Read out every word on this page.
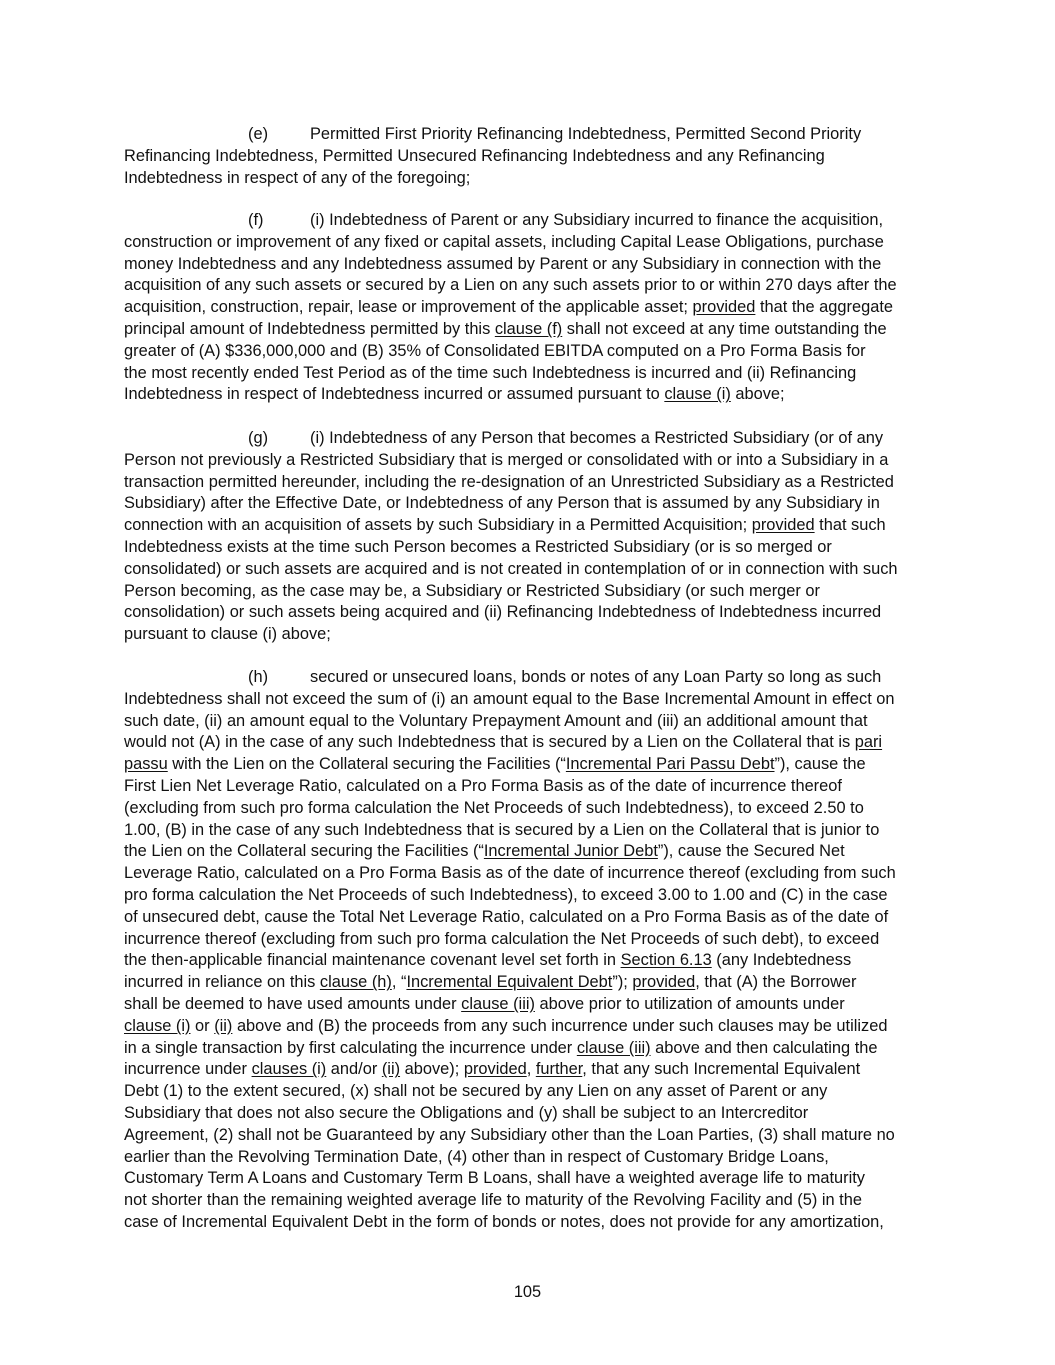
(e)	Permitted First Priority Refinancing Indebtedness, Permitted Second Priority
Refinancing Indebtedness, Permitted Unsecured Refinancing Indebtedness and any Refinancing
Indebtedness in respect of any of the foregoing;
(f)	(i) Indebtedness of Parent or any Subsidiary incurred to finance the acquisition,
construction or improvement of any fixed or capital assets, including Capital Lease Obligations, purchase
money Indebtedness and any Indebtedness assumed by Parent or any Subsidiary in connection with the
acquisition of any such assets or secured by a Lien on any such assets prior to or within 270 days after the
acquisition, construction, repair, lease or improvement of the applicable asset; provided that the aggregate
principal amount of Indebtedness permitted by this clause (f) shall not exceed at any time outstanding the
greater of (A) $336,000,000 and (B) 35% of Consolidated EBITDA computed on a Pro Forma Basis for
the most recently ended Test Period as of the time such Indebtedness is incurred and (ii) Refinancing
Indebtedness in respect of Indebtedness incurred or assumed pursuant to clause (i) above;
(g)	(i) Indebtedness of any Person that becomes a Restricted Subsidiary (or of any
Person not previously a Restricted Subsidiary that is merged or consolidated with or into a Subsidiary in a
transaction permitted hereunder, including the re-designation of an Unrestricted Subsidiary as a Restricted
Subsidiary) after the Effective Date, or Indebtedness of any Person that is assumed by any Subsidiary in
connection with an acquisition of assets by such Subsidiary in a Permitted Acquisition; provided that such
Indebtedness exists at the time such Person becomes a Restricted Subsidiary (or is so merged or
consolidated) or such assets are acquired and is not created in contemplation of or in connection with such
Person becoming, as the case may be, a Subsidiary or Restricted Subsidiary (or such merger or
consolidation) or such assets being acquired and (ii) Refinancing Indebtedness of Indebtedness incurred
pursuant to clause (i) above;
(h)	secured or unsecured loans, bonds or notes of any Loan Party so long as such
Indebtedness shall not exceed the sum of (i) an amount equal to the Base Incremental Amount in effect on
such date, (ii) an amount equal to the Voluntary Prepayment Amount and (iii) an additional amount that
would not (A) in the case of any such Indebtedness that is secured by a Lien on the Collateral that is pari
passu with the Lien on the Collateral securing the Facilities (“Incremental Pari Passu Debt”), cause the
First Lien Net Leverage Ratio, calculated on a Pro Forma Basis as of the date of incurrence thereof
(excluding from such pro forma calculation the Net Proceeds of such Indebtedness), to exceed 2.50 to
1.00, (B) in the case of any such Indebtedness that is secured by a Lien on the Collateral that is junior to
the Lien on the Collateral securing the Facilities (“Incremental Junior Debt”), cause the Secured Net
Leverage Ratio, calculated on a Pro Forma Basis as of the date of incurrence thereof (excluding from such
pro forma calculation the Net Proceeds of such Indebtedness), to exceed 3.00 to 1.00 and (C) in the case
of unsecured debt, cause the Total Net Leverage Ratio, calculated on a Pro Forma Basis as of the date of
incurrence thereof (excluding from such pro forma calculation the Net Proceeds of such debt), to exceed
the then-applicable financial maintenance covenant level set forth in Section 6.13 (any Indebtedness
incurred in reliance on this clause (h), “Incremental Equivalent Debt”); provided, that (A) the Borrower
shall be deemed to have used amounts under clause (iii) above prior to utilization of amounts under
clause (i) or (ii) above and (B) the proceeds from any such incurrence under such clauses may be utilized
in a single transaction by first calculating the incurrence under clause (iii) above and then calculating the
incurrence under clauses (i) and/or (ii) above); provided, further, that any such Incremental Equivalent
Debt (1) to the extent secured, (x) shall not be secured by any Lien on any asset of Parent or any
Subsidiary that does not also secure the Obligations and (y) shall be subject to an Intercreditor
Agreement, (2) shall not be Guaranteed by any Subsidiary other than the Loan Parties, (3) shall mature no
earlier than the Revolving Termination Date, (4) other than in respect of Customary Bridge Loans,
Customary Term A Loans and Customary Term B Loans, shall have a weighted average life to maturity
not shorter than the remaining weighted average life to maturity of the Revolving Facility and (5) in the
case of Incremental Equivalent Debt in the form of bonds or notes, does not provide for any amortization,
105
